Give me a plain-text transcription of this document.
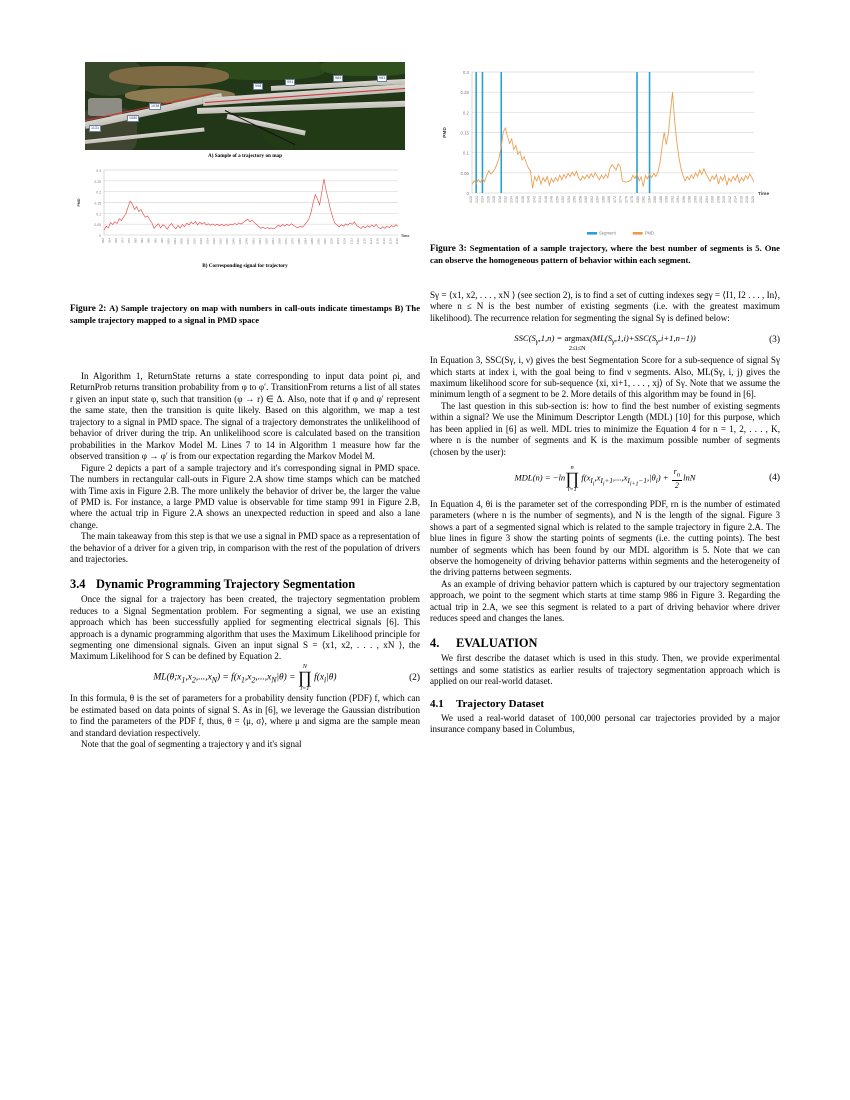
1131
1080
1038
998
991
984	981
A) Sample of a trajectory on map
0
0.05
0.1
0.15
0.2
0.25
0.3
PMD
960 964 968 972 976 980 984 988 992 996 1000 1004 1008 1012 1016 1020 1024 1028 1032 1036 1040 1044 1048 1052 1056 1060 1064 1068 1072 1076 1080 1084 1088 1092 1096 1100 1104 1108 1112 1116 1120 1124 1128 1132 1136 1140
Time
B) Corresponding signal for trajectory

Figure 2: A) Sample trajectory on map with numbers in call-outs indicate timestamps B) The sample trajectory mapped to a signal in PMD space

In Algorithm 1, ReturnState returns a state corresponding to input data point ρi, and ReturnProb returns transition probability from φ to φ′. TransitionFrom returns a list of all states r given an input state φ, such that transition (φ → r) ∈ Δ. Also, note that if φ and φ′ represent the same state, then the transition is quite likely. Based on this algorithm, we map a test trajectory to a signal in PMD space. The signal of a trajectory demonstrates the unlikelihood of behavior of driver during the trip. An unlikelihood score is calculated based on the transition probabilities in the Markov Model M. Lines 7 to 14 in Algorithm 1 measure how far the observed transition φ → φ′ is from our expectation regarding the Markov Model M.

Figure 2 depicts a part of a sample trajectory and it's corresponding signal in PMD space. The numbers in rectangular call-outs in Figure 2.A show time stamps which can be matched with Time axis in Figure 2.B. The more unlikely the behavior of driver be, the larger the value of PMD is. For instance, a large PMD value is observable for time stamp 991 in Figure 2.B, where the actual trip in Figure 2.A shows an unexpected reduction in speed and also a lane change.

The main takeaway from this step is that we use a signal in PMD space as a representation of the behavior of a driver for a given trip, in comparison with the rest of the population of drivers and trajectories.

3.4 Dynamic Programming Trajectory Segmentation

Once the signal for a trajectory has been created, the trajectory segmentation problem reduces to a Signal Segmentation problem. For segmenting a signal, we use an existing approach which has been successfully applied for segmenting electrical signals [6]. This approach is a dynamic programming algorithm that uses the Maximum Likelihood principle for segmenting one dimensional signals. Given an input signal S = ⟨x1, x2, . . . , xN ⟩, the Maximum Likelihood for S can be defined by Equation 2.

$ML(\theta;x_1,x_2,...,x_N) = f(x_1,x_2,...,x_N|\theta)$ =
N
∏
i=1
$f(x_i|\theta)$	(2)

In this formula, θ is the set of parameters for a probability density function (PDF) f, which can be estimated based on data points of signal S. As in [6], we leverage the Gaussian distribution to find the parameters of the PDF f, thus, θ = ⟨μ, σ⟩, where μ and sigma are the sample mean and standard deviation respectively.

Note that the goal of segmenting a trajectory γ and it's signal

0
0.05
0.1
0.15
0.2
0.25
0.3
PMD
1/20 1/22 1/24 1/26 1/28 1/30 1/32 1/34 1/36 1/38 1/40 1/42 1/44 1/46 1/48 1/50 1/52 1/54 1/56 1/58 1/60 1/62 1/64 1/66 1/68 1/72 1/74 1/76 1/78 1/80 1/82 1/84 1/86 1/88 1/90 1/92 1/94 1/96 1/98 2/00 2/02 2/04 2/06 2/08 2/10 2/12 2/14 2/16 2/18 2/20
Time
Segment	PMD

Figure 3: Segmentation of a sample trajectory, where the best number of segments is 5. One can observe the homogeneous pattern of behavior within each segment.

Sγ = ⟨x1, x2, . . . , xN ⟩ (see section 2), is to find a set of cutting indexes segγ = ⟨I1, I2 . . . , In⟩, where n ≤ N is the best number of existing segments (i.e. with the greatest maximum likelihood). The recurrence relation for segmenting the signal Sγ is defined below:

$SSC(S_\gamma,1,n) = argmax$
2≤i≤N
$(ML(S_\gamma,1,i)+SSC(S_\gamma,i+1,n-1))$	(3)

In Equation 3, SSC(Sγ, i, ν) gives the best Segmentation Score for a sub-sequence of signal Sγ which starts at index i, with the goal being to find ν segments. Also, ML(Sγ, i, j) gives the maximum likelihood score for sub-sequence ⟨xi, xi+1, . . . , xj⟩ of Sγ. Note that we assume the minimum length of a segment to be 2. More details of this algorithm may be found in [6].

The last question in this sub-section is: how to find the best number of existing segments within a signal? We use the Minimum Descriptor Length (MDL) [10] for this purpose, which has been applied in [6] as well. MDL tries to minimize the Equation 4 for n = 1, 2, . . . , K, where n is the number of segments and K is the maximum possible number of segments (chosen by the user):

MDL(n) = −ln
n
∏
i=1
$f(x_{I_i},x_{I_i+1},...,x_{I_{i+1}-1},|\theta_i) + \frac{r_n}{2}$ lnN	(4)

In Equation 4, θi is the parameter set of the corresponding PDF, rn is the number of estimated parameters (where n is the number of segments), and N is the length of the signal. Figure 3 shows a part of a segmented signal which is related to the sample trajectory in figure 2.A. The blue lines in figure 3 show the starting points of segments (i.e. the cutting points). The best number of segments which has been found by our MDL algorithm is 5. Note that we can observe the homogeneity of driving behavior patterns within segments and the heterogeneity of the driving patterns between segments.

As an example of driving behavior pattern which is captured by our trajectory segmentation approach, we point to the segment which starts at time stamp 986 in Figure 3. Regarding the actual trip in 2.A, we see this segment is related to a part of driving behavior where driver reduces speed and changes the lanes.

4. EVALUATION

We first describe the dataset which is used in this study. Then, we provide experimental settings and some statistics as earlier results of trajectory segmentation approach which is applied on our real-world dataset.

4.1 Trajectory Dataset

We used a real-world dataset of 100,000 personal car trajectories provided by a major insurance company based in Columbus,
